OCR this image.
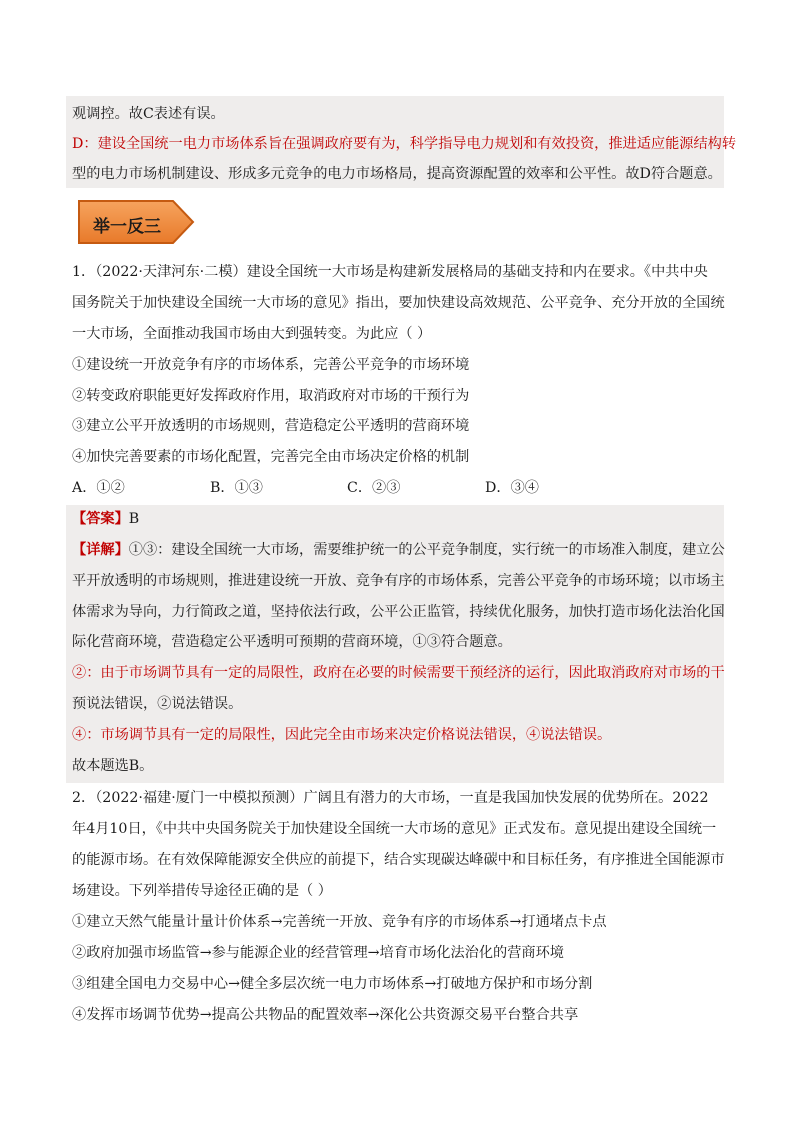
观调控。故C表述有误。
D：建设全国统一电力市场体系旨在强调政府要有为，科学指导电力规划和有效投资，推进适应能源结构转
型的电力市场机制建设、形成多元竞争的电力市场格局，提高资源配置的效率和公平性。故D符合题意。
举一反三
1．（2022·天津河东·二模）建设全国统一大市场是构建新发展格局的基础支持和内在要求。《中共中央
国务院关于加快建设全国统一大市场的意见》指出，要加快建设高效规范、公平竞争、充分开放的全国统
一大市场，全面推动我国市场由大到强转变。为此应（ ）
①建设统一开放竞争有序的市场体系，完善公平竞争的市场环境
②转变政府职能更好发挥政府作用，取消政府对市场的干预行为
③建立公平开放透明的市场规则，营造稳定公平透明的营商环境
④加快完善要素的市场化配置，完善完全由市场决定价格的机制
A．①②	B．①③	C．②③	D．③④
【答案】B
【详解】①③：建设全国统一大市场，需要维护统一的公平竞争制度，实行统一的市场准入制度，建立公
平开放透明的市场规则，推进建设统一开放、竞争有序的市场体系，完善公平竞争的市场环境；以市场主
体需求为导向，力行简政之道，坚持依法行政，公平公正监管，持续优化服务，加快打造市场化法治化国
际化营商环境，营造稳定公平透明可预期的营商环境，①③符合题意。
②：由于市场调节具有一定的局限性，政府在必要的时候需要干预经济的运行，因此取消政府对市场的干
预说法错误，②说法错误。
④：市场调节具有一定的局限性，因此完全由市场来决定价格说法错误，④说法错误。
故本题选B。
2．（2022·福建·厦门一中模拟预测）广阔且有潜力的大市场，一直是我国加快发展的优势所在。2022
年4月10日，《中共中央国务院关于加快建设全国统一大市场的意见》正式发布。意见提出建设全国统一
的能源市场。在有效保障能源安全供应的前提下，结合实现碳达峰碳中和目标任务，有序推进全国能源市
场建设。下列举措传导途径正确的是（ ）
①建立天然气能量计量计价体系→完善统一开放、竞争有序的市场体系→打通堵点卡点
②政府加强市场监管→参与能源企业的经营管理→培育市场化法治化的营商环境
③组建全国电力交易中心→健全多层次统一电力市场体系→打破地方保护和市场分割
④发挥市场调节优势→提高公共物品的配置效率→深化公共资源交易平台整合共享
